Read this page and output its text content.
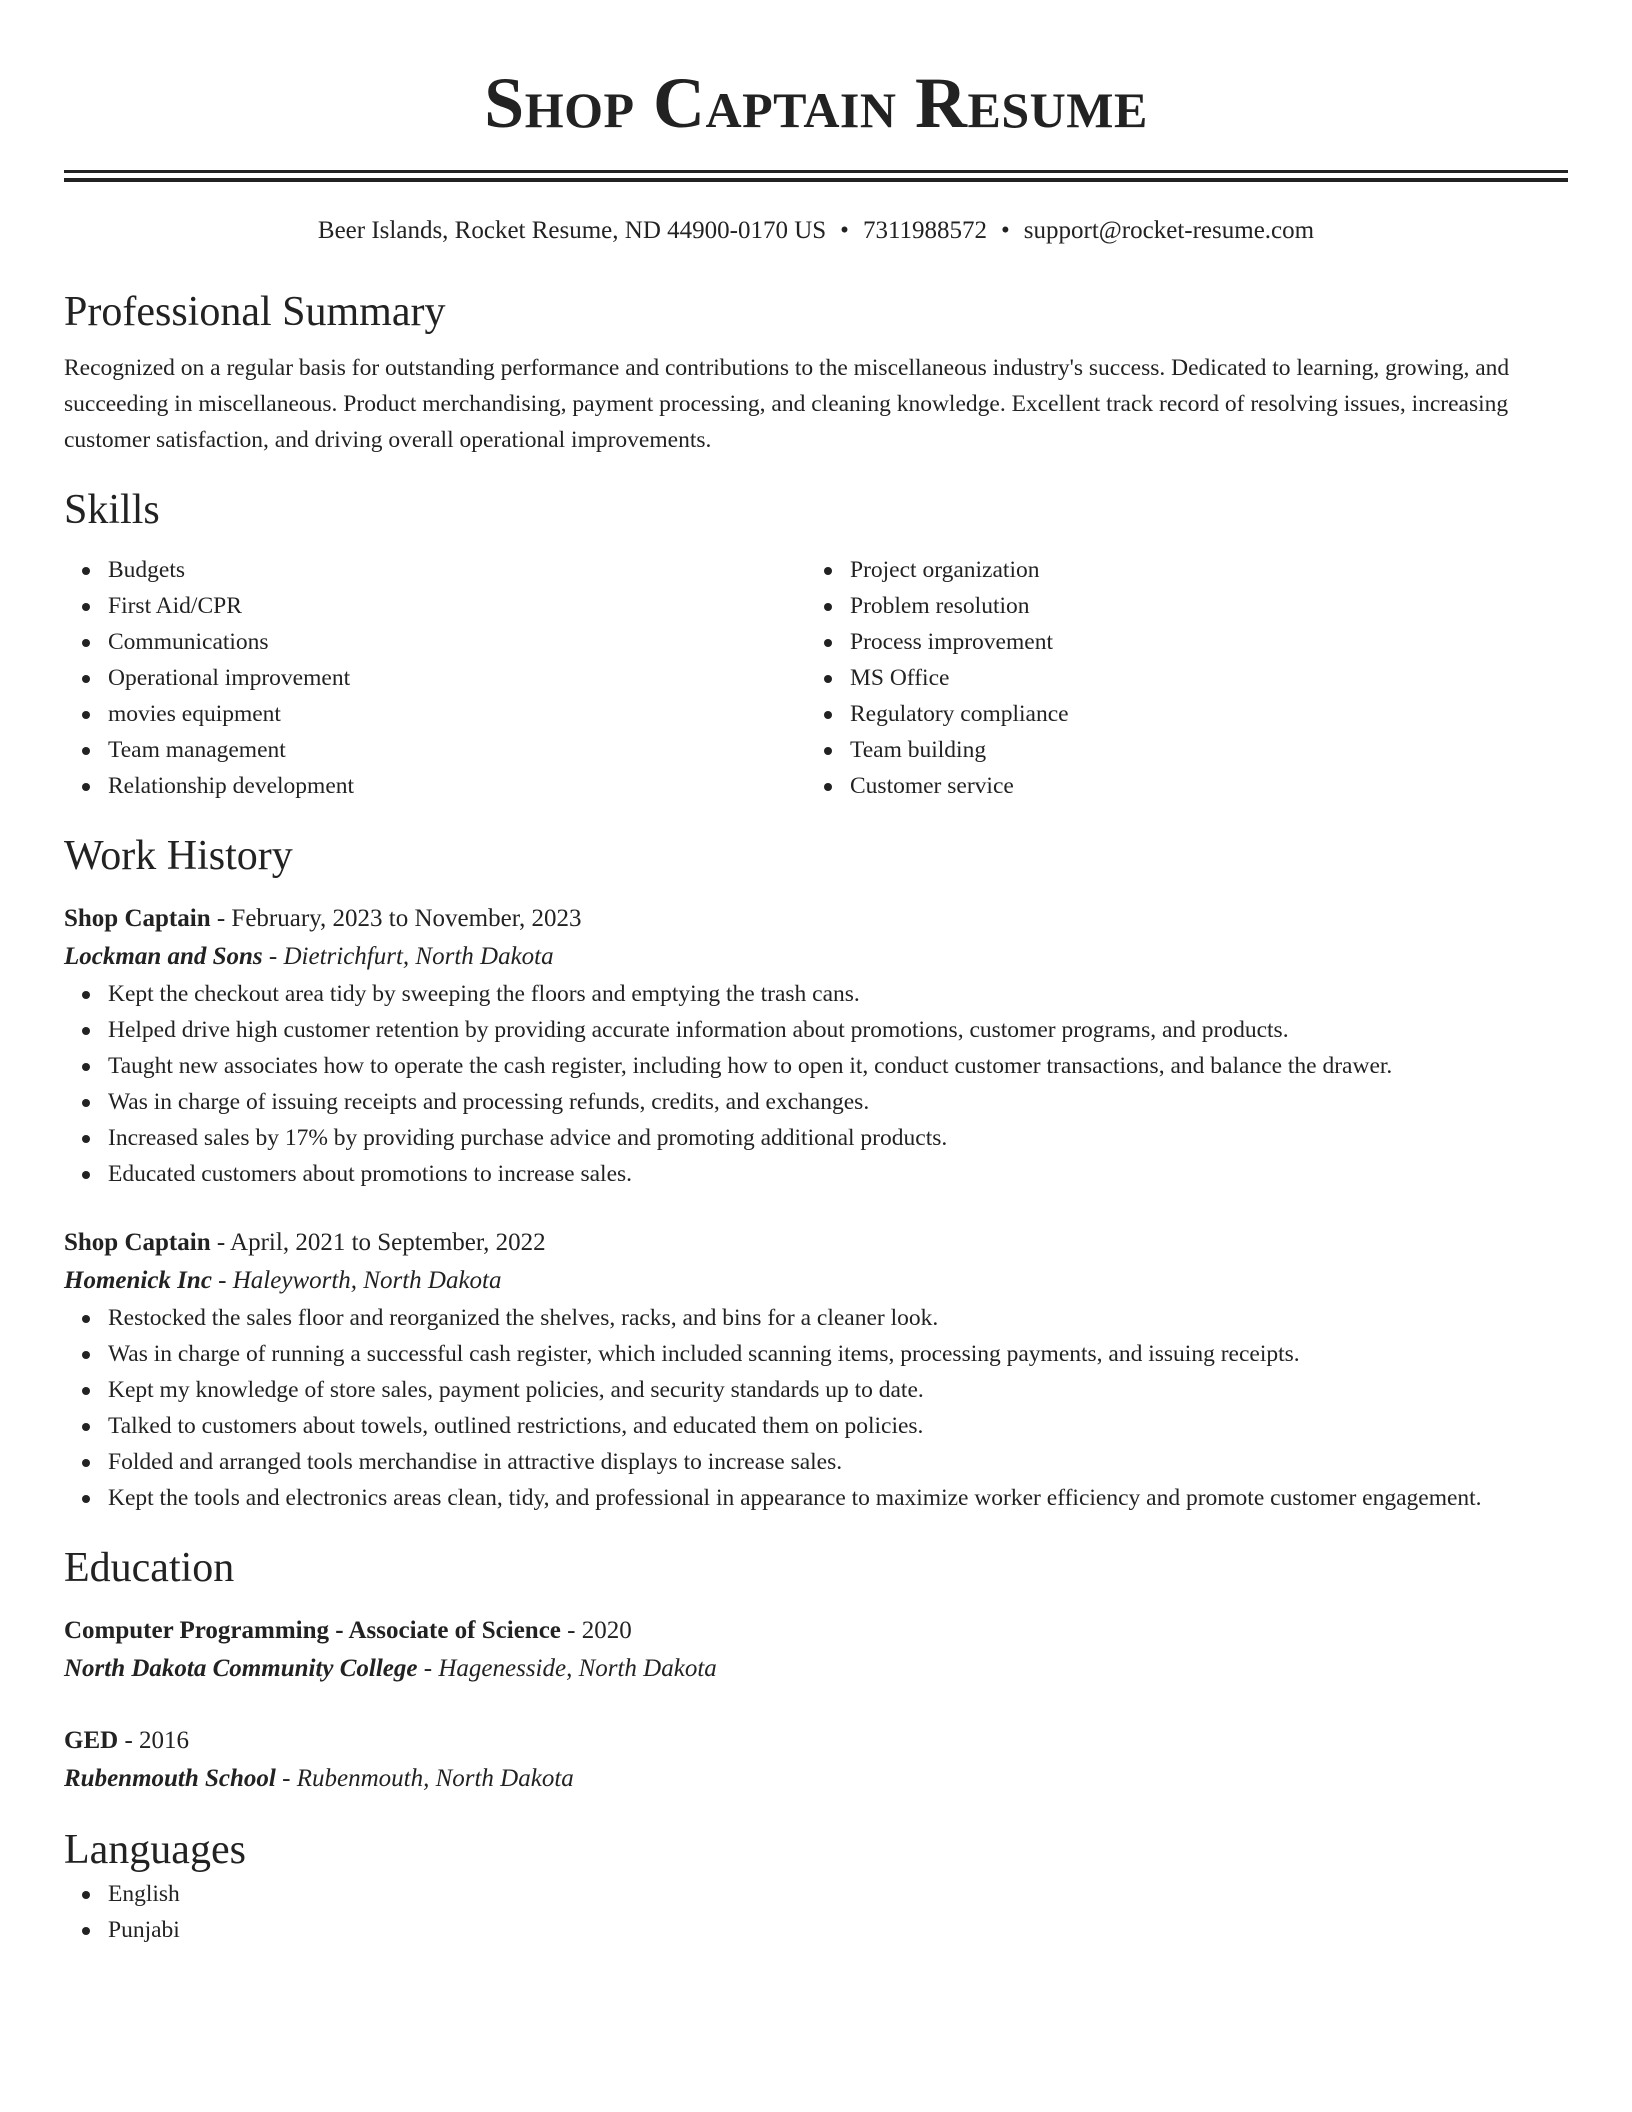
Shop Captain Resume
Beer Islands, Rocket Resume, ND 44900-0170 US • 7311988572 • support@rocket-resume.com
Professional Summary
Recognized on a regular basis for outstanding performance and contributions to the miscellaneous industry's success. Dedicated to learning, growing, and succeeding in miscellaneous. Product merchandising, payment processing, and cleaning knowledge. Excellent track record of resolving issues, increasing customer satisfaction, and driving overall operational improvements.
Skills
Budgets
First Aid/CPR
Communications
Operational improvement
movies equipment
Team management
Relationship development
Project organization
Problem resolution
Process improvement
MS Office
Regulatory compliance
Team building
Customer service
Work History
Shop Captain - February, 2023 to November, 2023
Lockman and Sons - Dietrichfurt, North Dakota
Kept the checkout area tidy by sweeping the floors and emptying the trash cans.
Helped drive high customer retention by providing accurate information about promotions, customer programs, and products.
Taught new associates how to operate the cash register, including how to open it, conduct customer transactions, and balance the drawer.
Was in charge of issuing receipts and processing refunds, credits, and exchanges.
Increased sales by 17% by providing purchase advice and promoting additional products.
Educated customers about promotions to increase sales.
Shop Captain - April, 2021 to September, 2022
Homenick Inc - Haleyworth, North Dakota
Restocked the sales floor and reorganized the shelves, racks, and bins for a cleaner look.
Was in charge of running a successful cash register, which included scanning items, processing payments, and issuing receipts.
Kept my knowledge of store sales, payment policies, and security standards up to date.
Talked to customers about towels, outlined restrictions, and educated them on policies.
Folded and arranged tools merchandise in attractive displays to increase sales.
Kept the tools and electronics areas clean, tidy, and professional in appearance to maximize worker efficiency and promote customer engagement.
Education
Computer Programming - Associate of Science - 2020
North Dakota Community College - Hagenesside, North Dakota
GED - 2016
Rubenmouth School - Rubenmouth, North Dakota
Languages
English
Punjabi
